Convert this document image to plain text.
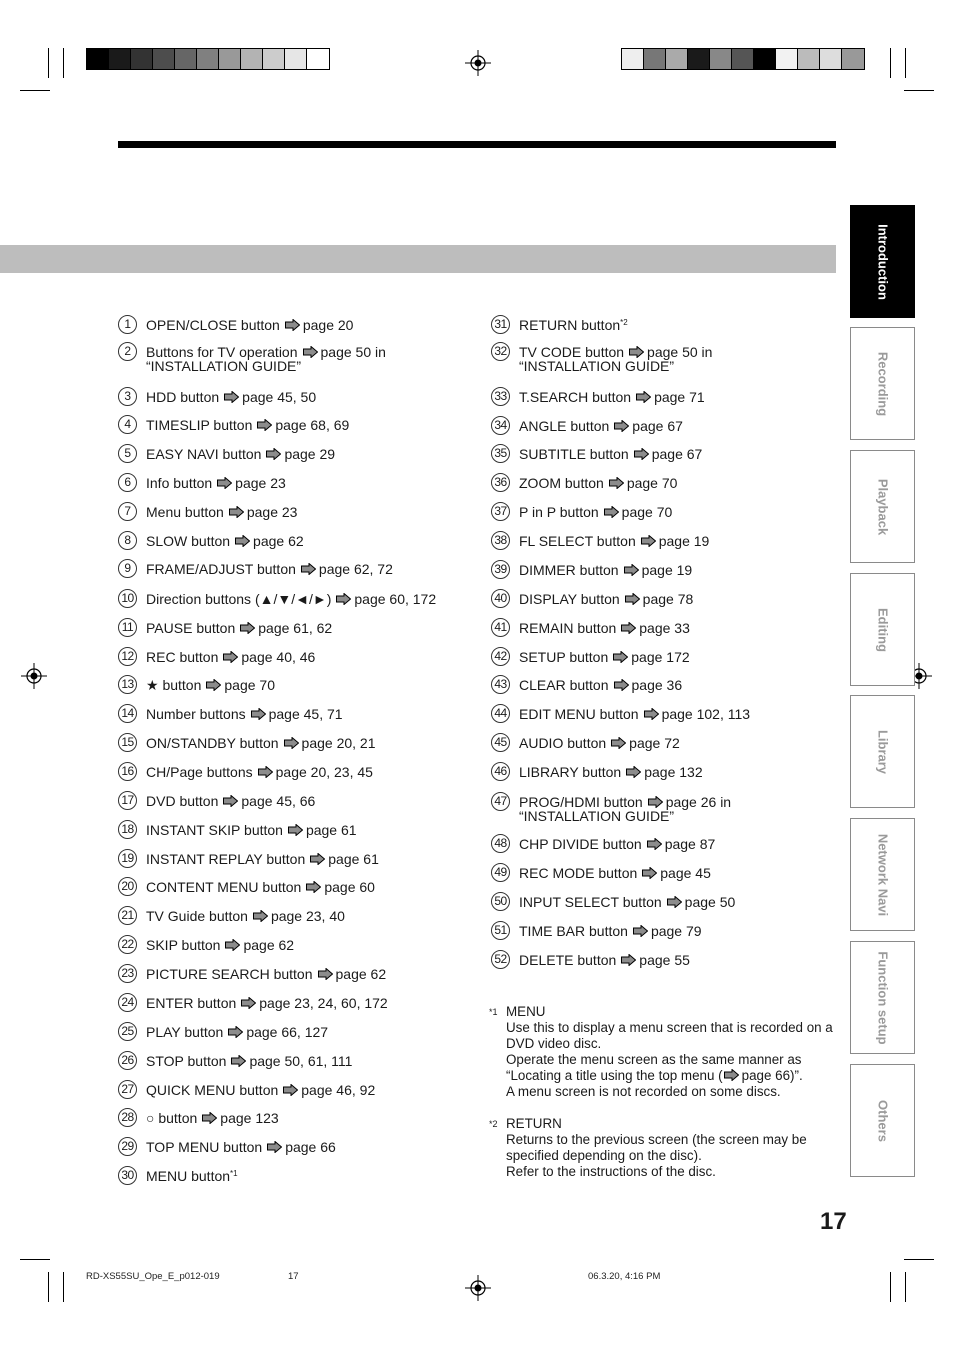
Introduction
Recording
Playback
Editing
Library
Network Navi
Function setup
Others
1	OPEN/CLOSE button page 20
2	Buttons for TV operation page 50 in
“INSTALLATION GUIDE”
3	HDD button page 45, 50
4	TIMESLIP button page 68, 69
5	EASY NAVI button page 29
6	Info button page 23
7	Menu button page 23
8	SLOW button page 62
9	FRAME/ADJUST button page 62, 72
10 Direction buttons (▲/▼/◄/►) page 60, 172
11 PAUSE button page 61, 62
12 REC button page 40, 46
13 ★ button page 70
14 Number buttons page 45, 71
15 ON/STANDBY button page 20, 21
16 CH/Page buttons page 20, 23, 45
17 DVD button page 45, 66
18 INSTANT SKIP button page 61
19 INSTANT REPLAY button page 61
20 CONTENT MENU button page 60
21 TV Guide button page 23, 40
22 SKIP button page 62
23 PICTURE SEARCH button page 62
24 ENTER button page 23, 24, 60, 172
25 PLAY button page 66, 127
26 STOP button page 50, 61, 111
27 QUICK MENU button page 46, 92
28 ○ button page 123
29 TOP MENU button page 66
30 MENU button$^{*1}$
31 RETURN button$^{*2}$
32 TV CODE button page 50 in
“INSTALLATION GUIDE”
33 T.SEARCH button page 71
34 ANGLE button page 67
35 SUBTITLE button page 67
36 ZOOM button page 70
37 P in P button page 70
38 FL SELECT button page 19
39 DIMMER button page 19
40 DISPLAY button page 78
41 REMAIN button page 33
42 SETUP button page 172
43 CLEAR button page 36
44 EDIT MENU button page 102, 113
45 AUDIO button page 72
46 LIBRARY button page 132
47 PROG/HDMI button page 26 in
“INSTALLATION GUIDE”
48 CHP DIVIDE button page 87
49 REC MODE button page 45
50 INPUT SELECT button page 50
51 TIME BAR button page 79
52 DELETE button page 55
*1 MENU
Use this to display a menu screen that is recorded on a DVD video disc.
Operate the menu screen as the same manner as
“Locating a title using the top menu ( page 66)”.
A menu screen is not recorded on some discs.
*2 RETURN
Returns to the previous screen (the screen may be specified depending on the disc).
Refer to the instructions of the disc.
17
RD-XS55SU_Ope_E_p012-019	17	06.3.20, 4:16 PM
